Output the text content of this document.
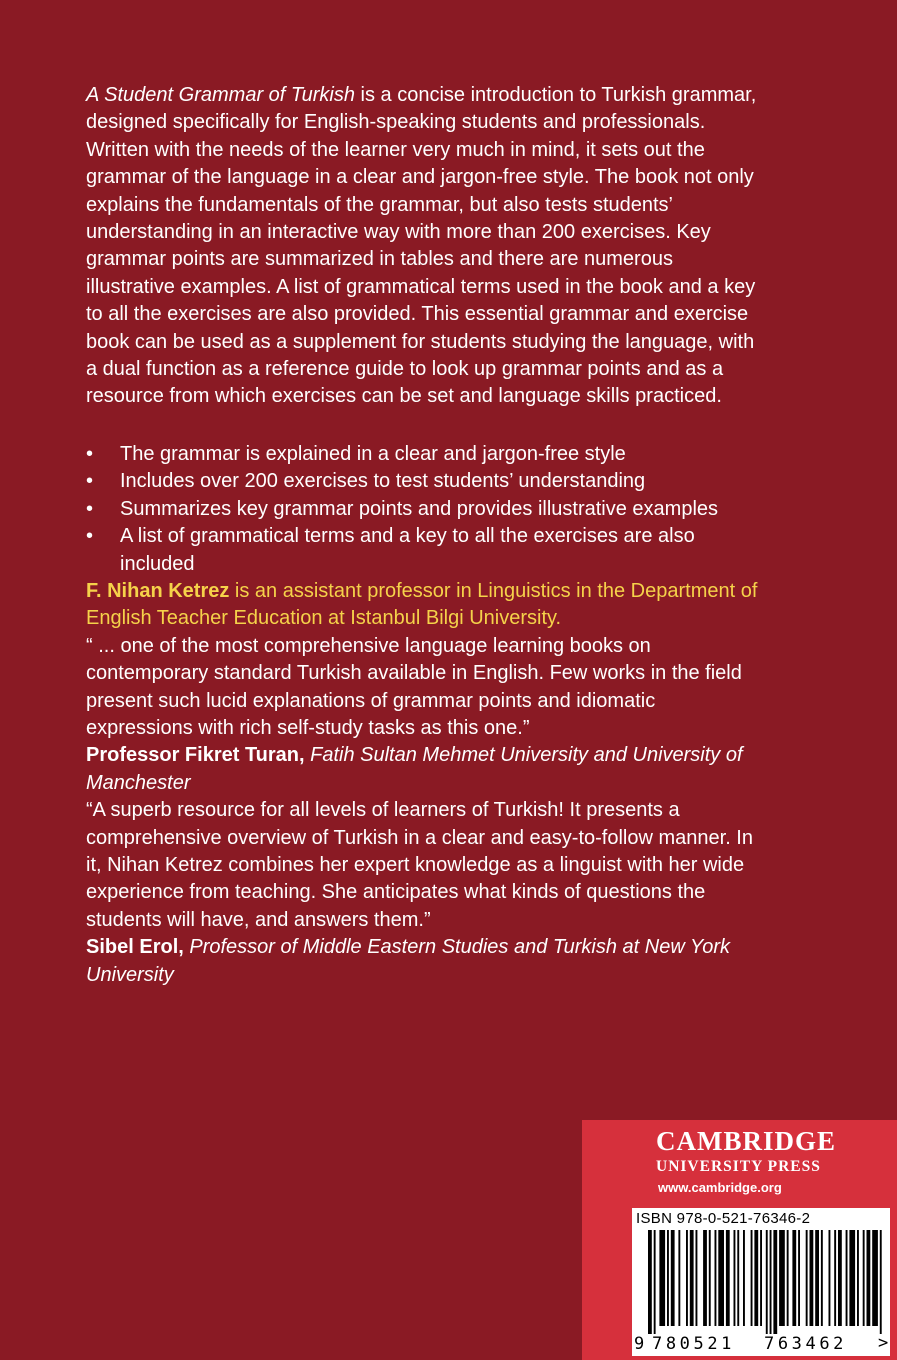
A Student Grammar of Turkish is a concise introduction to Turkish grammar, designed specifically for English-speaking students and professionals. Written with the needs of the learner very much in mind, it sets out the grammar of the language in a clear and jargon-free style. The book not only explains the fundamentals of the grammar, but also tests students’ understanding in an interactive way with more than 200 exercises. Key grammar points are summarized in tables and there are numerous illustrative examples. A list of grammatical terms used in the book and a key to all the exercises are also provided. This essential grammar and exercise book can be used as a supplement for students studying the language, with a dual function as a reference guide to look up grammar points and as a resource from which exercises can be set and language skills practiced.

• The grammar is explained in a clear and jargon-free style
• Includes over 200 exercises to test students’ understanding
• Summarizes key grammar points and provides illustrative examples
• A list of grammatical terms and a key to all the exercises are also included

F. Nihan Ketrez is an assistant professor in Linguistics in the Department of English Teacher Education at Istanbul Bilgi University.

“ ... one of the most comprehensive language learning books on contemporary standard Turkish available in English. Few works in the field present such lucid explanations of grammar points and idiomatic expressions with rich self-study tasks as this one.”
Professor Fikret Turan, Fatih Sultan Mehmet University and University of Manchester

“A superb resource for all levels of learners of Turkish! It presents a comprehensive overview of Turkish in a clear and easy-to-follow manner. In it, Nihan Ketrez combines her expert knowledge as a linguist with her wide experience from teaching. She anticipates what kinds of questions the students will have, and answers them.”
Sibel Erol, Professor of Middle Eastern Studies and Turkish at New York University

CAMBRIDGE
UNIVERSITY PRESS
www.cambridge.org
ISBN 978-0-521-76346-2
>
9 780521 763462
